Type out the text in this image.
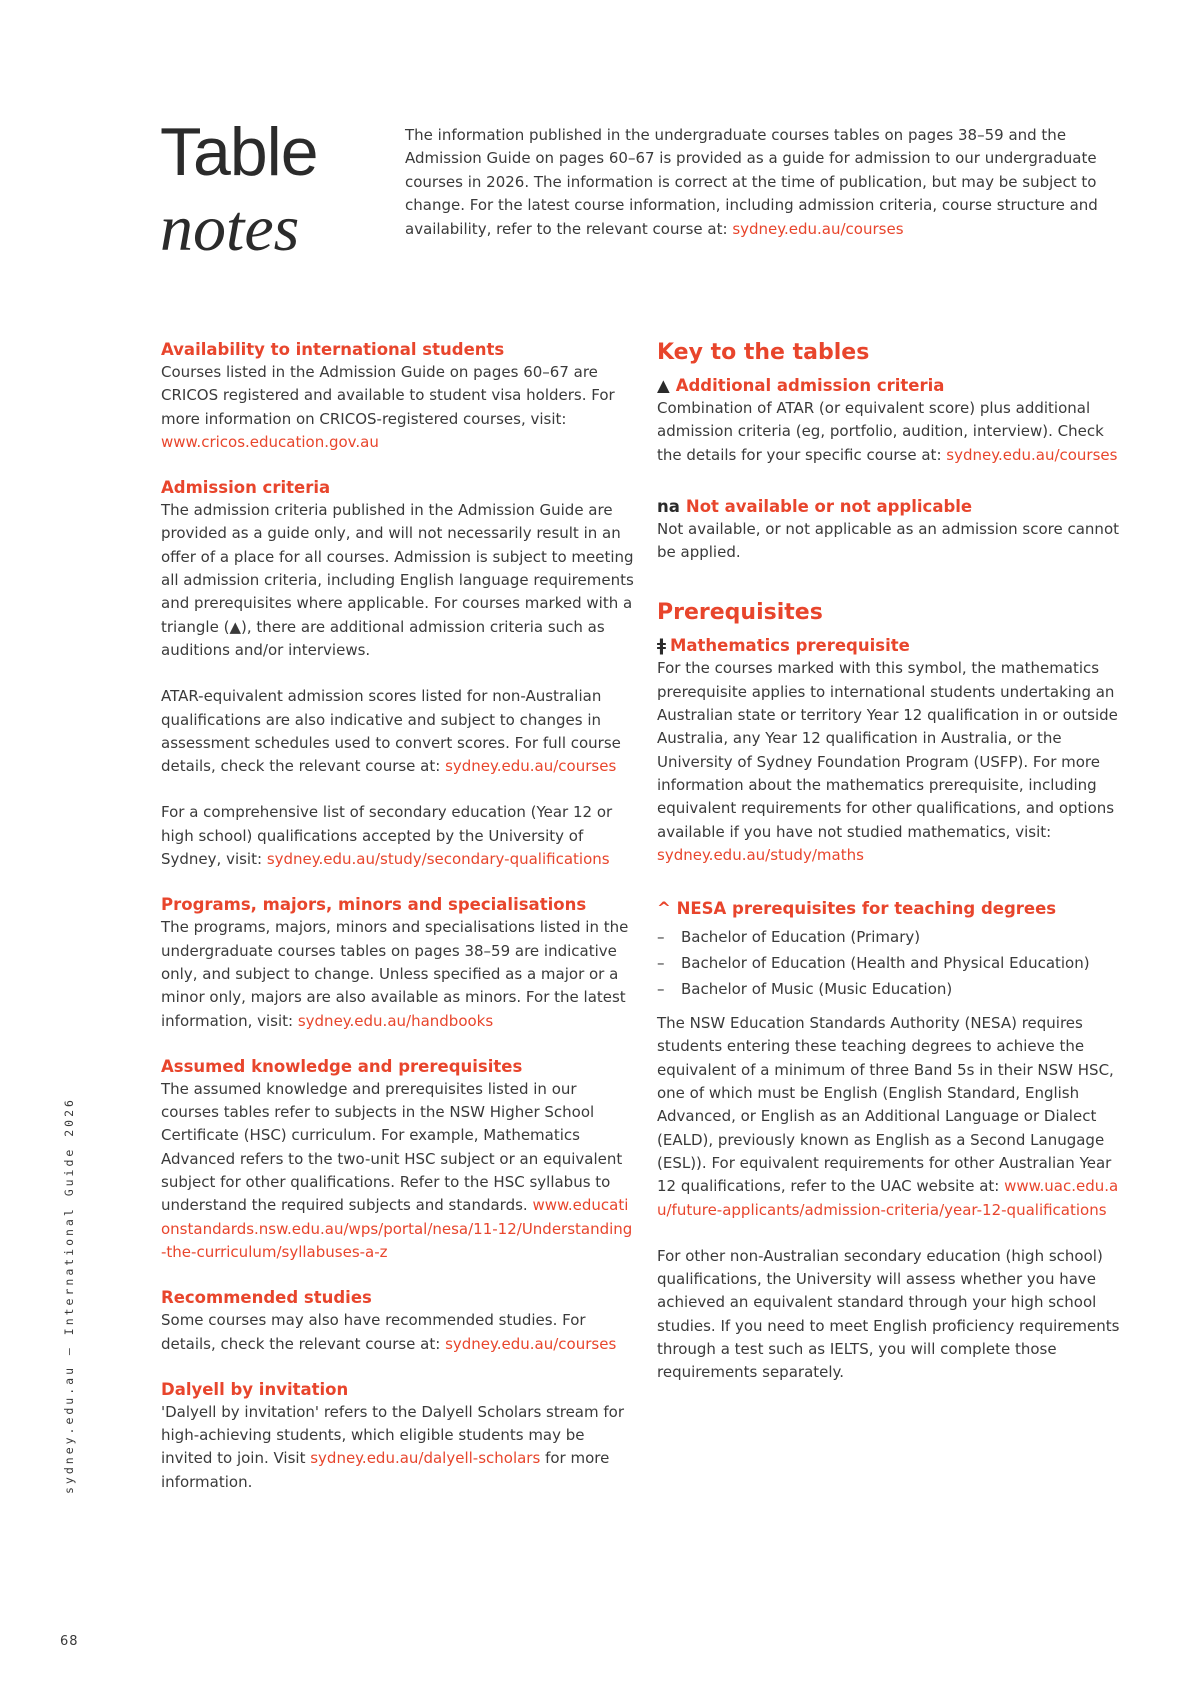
Table
notes
The information published in the undergraduate courses tables on pages 38–59 and the Admission Guide on pages 60–67 is provided as a guide for admission to our undergraduate courses in 2026. The information is correct at the time of publication, but may be subject to change. For the latest course information, including admission criteria, course structure and availability, refer to the relevant course at: sydney.edu.au/courses
Availability to international students

Courses listed in the Admission Guide on pages 60–67 are CRICOS registered and available to student visa holders. For more information on CRICOS-registered courses, visit: www.cricos.education.gov.au

Admission criteria

The admission criteria published in the Admission Guide are provided as a guide only, and will not necessarily result in an offer of a place for all courses. Admission is subject to meeting all admission criteria, including English language requirements and prerequisites where applicable. For courses marked with a triangle (▲), there are additional admission criteria such as auditions and/or interviews.

ATAR-equivalent admission scores listed for non-Australian qualifications are also indicative and subject to changes in assessment schedules used to convert scores. For full course details, check the relevant course at: sydney.edu.au/courses

For a comprehensive list of secondary education (Year 12 or high school) qualifications accepted by the University of Sydney, visit: sydney.edu.au/study/secondary-qualifications

Programs, majors, minors and specialisations

The programs, majors, minors and specialisations listed in the undergraduate courses tables on pages 38–59 are indicative only, and subject to change. Unless specified as a major or a minor only, majors are also available as minors. For the latest information, visit: sydney.edu.au/handbooks

Assumed knowledge and prerequisites

The assumed knowledge and prerequisites listed in our courses tables refer to subjects in the NSW Higher School Certificate (HSC) curriculum. For example, Mathematics Advanced refers to the two-unit HSC subject or an equivalent subject for other qualifications. Refer to the HSC syllabus to understand the required subjects and standards. www.educationstandards.nsw.edu.au/wps/portal/nesa/11-12/Understanding-the-curriculum/syllabuses-a-z

Recommended studies

Some courses may also have recommended studies. For details, check the relevant course at: sydney.edu.au/courses

Dalyell by invitation

'Dalyell by invitation' refers to the Dalyell Scholars stream for high-achieving students, which eligible students may be invited to join. Visit sydney.edu.au/dalyell-scholars for more information.

Key to the tables
▲ Additional admission criteria

Combination of ATAR (or equivalent score) plus additional admission criteria (eg, portfolio, audition, interview). Check the details for your specific course at: sydney.edu.au/courses

na Not available or not applicable

Not available, or not applicable as an admission score cannot be applied.

Prerequisites
ǂ Mathematics prerequisite

For the courses marked with this symbol, the mathematics prerequisite applies to international students undertaking an Australian state or territory Year 12 qualification in or outside Australia, any Year 12 qualification in Australia, or the University of Sydney Foundation Program (USFP). For more information about the mathematics prerequisite, including equivalent requirements for other qualifications, and options available if you have not studied mathematics, visit: sydney.edu.au/study/maths

^ NESA prerequisites for teaching degrees
– Bachelor of Education (Primary)
– Bachelor of Education (Health and Physical Education)
– Bachelor of Music (Music Education)

The NSW Education Standards Authority (NESA) requires students entering these teaching degrees to achieve the equivalent of a minimum of three Band 5s in their NSW HSC, one of which must be English (English Standard, English Advanced, or English as an Additional Language or Dialect (EALD), previously known as English as a Second Lanugage (ESL)). For equivalent requirements for other Australian Year 12 qualifications, refer to the UAC website at: www.uac.edu.au/future-applicants/admission-criteria/year-12-qualifications

For other non-Australian secondary education (high school) qualifications, the University will assess whether you have achieved an equivalent standard through your high school studies. If you need to meet English proficiency requirements through a test such as IELTS, you will complete those requirements separately.

sydney.edu.au – International Guide 2026
68
